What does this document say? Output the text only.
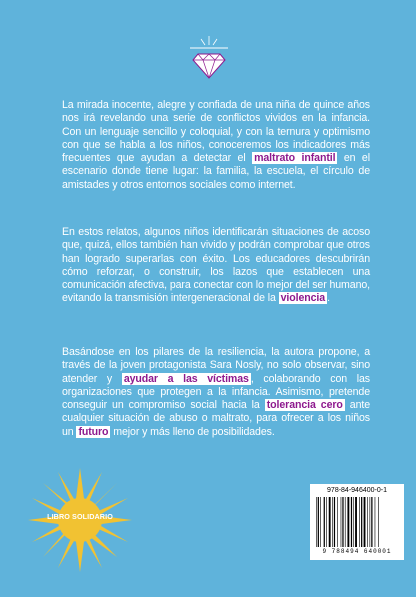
La mirada inocente, alegre y confiada de una niña de quince años nos irá revelando una serie de conflictos vividos en la infancia. Con un lenguaje sencillo y coloquial, y con la ternura y optimismo con que se habla a los niños, conoceremos los indicadores más frecuentes que ayudan a detectar el maltrato infantil en el escenario donde tiene lugar: la familia, la escuela, el círculo de amistades y otros entornos sociales como internet.
En estos relatos, algunos niños identificarán situaciones de acoso que, quizá, ellos también han vivido y podrán comprobar que otros han logrado superarlas con éxito. Los educadores descubrirán cómo reforzar, o construir, los lazos que establecen una comunicación afectiva, para conectar con lo mejor del ser humano, evitando la transmisión intergeneracional de la violencia .
Basándose en los pilares de la resiliencia, la autora propone, a través de la joven protagonista Sara Nosly, no solo observar, sino atender y ayudar a las víctimas , colaborando con las organizaciones que protegen a la infancia. Asimismo, pretende conseguir un compromiso social hacia la tolerancia cero ante cualquier situación de abuso o maltrato, para ofrecer a los niños un futuro mejor y más lleno de posibilidades.
LIBRO SOLIDARIO
978-84-946400-0-1
9 788494 640001
